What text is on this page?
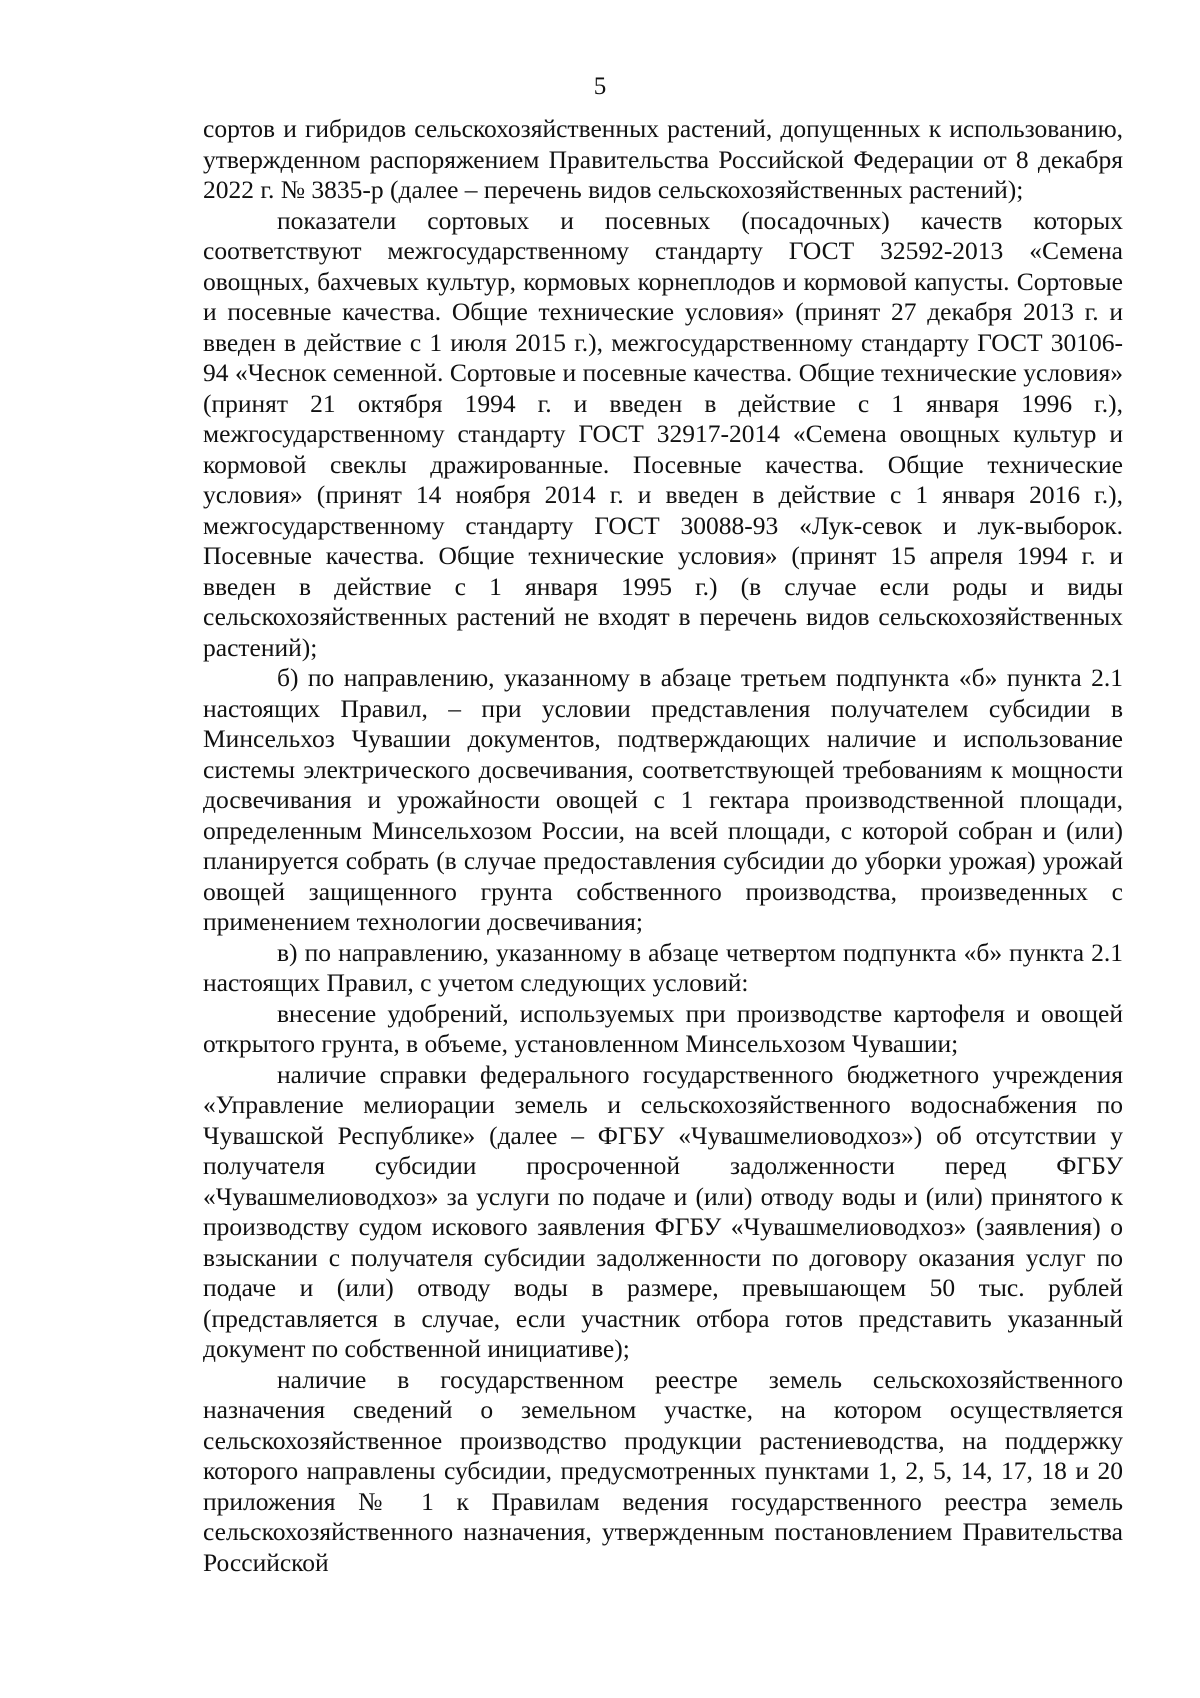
5

сортов и гибридов сельскохозяйственных растений, допущенных к использованию, утвержденном распоряжением Правительства Российской Федерации от 8 декабря 2022 г. № 3835-р (далее – перечень видов сельскохозяйственных растений);

показатели сортовых и посевных (посадочных) качеств которых соответствуют межгосударственному стандарту ГОСТ 32592-2013 «Семена овощных, бахчевых культур, кормовых корнеплодов и кормовой капусты. Сортовые и посевные качества. Общие технические условия» (принят 27 декабря 2013 г. и введен в действие с 1 июля 2015 г.), межгосударственному стандарту ГОСТ 30106-94 «Чеснок семенной. Сортовые и посевные качества. Общие технические условия» (принят 21 октября 1994 г. и введен в действие с 1 января 1996 г.), межгосударственному стандарту ГОСТ 32917-2014 «Семена овощных культур и кормовой свеклы дражированные. Посевные качества. Общие технические условия» (принят 14 ноября 2014 г. и введен в действие с 1 января 2016 г.), межгосударственному стандарту ГОСТ 30088-93 «Лук-севок и лук-выборок. Посевные качества. Общие технические условия» (принят 15 апреля 1994 г. и введен в действие с 1 января 1995 г.) (в случае если роды и виды сельскохозяйственных растений не входят в перечень видов сельскохозяйственных растений);

б) по направлению, указанному в абзаце третьем подпункта «б» пункта 2.1 настоящих Правил, – при условии представления получателем субсидии в Минсельхоз Чувашии документов, подтверждающих наличие и использование системы электрического досвечивания, соответствующей требованиям к мощности досвечивания и урожайности овощей с 1 гектара производственной площади, определенным Минсельхозом России, на всей площади, с которой собран и (или) планируется собрать (в случае предоставления субсидии до уборки урожая) урожай овощей защищенного грунта собственного производства, произведенных с применением технологии досвечивания;

в) по направлению, указанному в абзаце четвертом подпункта «б» пункта 2.1 настоящих Правил, с учетом следующих условий:

внесение удобрений, используемых при производстве картофеля и овощей открытого грунта, в объеме, установленном Минсельхозом Чувашии;

наличие справки федерального государственного бюджетного учреждения «Управление мелиорации земель и сельскохозяйственного водоснабжения по Чувашской Республике» (далее – ФГБУ «Чувашмелиоводхоз») об отсутствии у получателя субсидии просроченной задолженности перед ФГБУ «Чувашмелиоводхоз» за услуги по подаче и (или) отводу воды и (или) принятого к производству судом искового заявления ФГБУ «Чувашмелиоводхоз» (заявления) о взыскании с получателя субсидии задолженности по договору оказания услуг по подаче и (или) отводу воды в размере, превышающем 50 тыс. рублей (представляется в случае, если участник отбора готов представить указанный документ по собственной инициативе);

наличие в государственном реестре земель сельскохозяйственного назначения сведений о земельном участке, на котором осуществляется сельскохозяйственное производство продукции растениеводства, на поддержку которого направлены субсидии, предусмотренных пунктами 1, 2, 5, 14, 17, 18 и 20 приложения № 1 к Правилам ведения государственного реестра земель сельскохозяйственного назначения, утвержденным постановлением Правительства Российской
